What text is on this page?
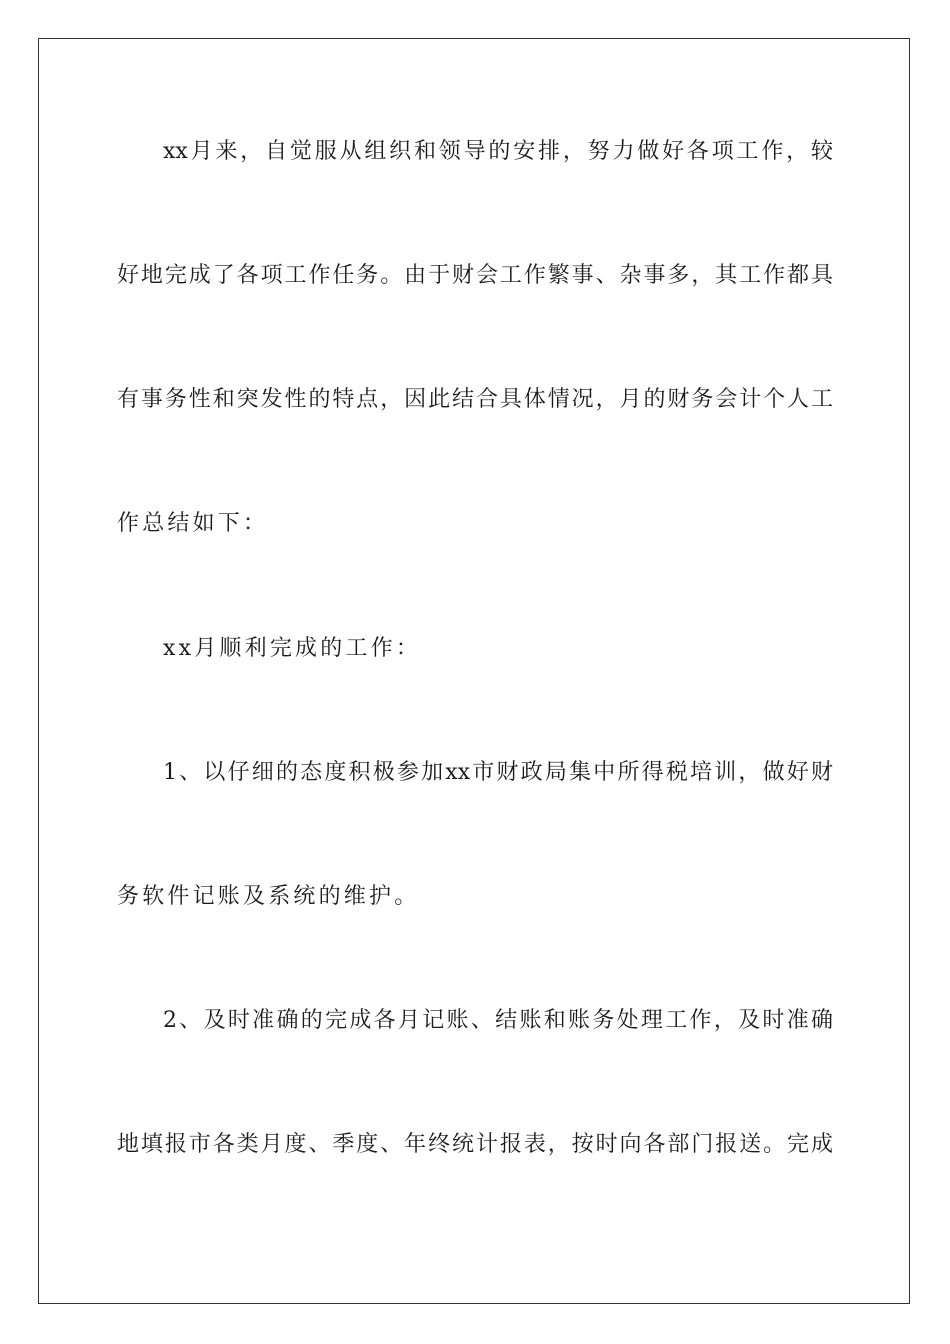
xx月来，自觉服从组织和领导的安排，努力做好各项工作，较
好地完成了各项工作任务。由于财会工作繁事、杂事多，其工作都具
有事务性和突发性的特点，因此结合具体情况，月的财务会计个人工
作总结如下：
xx月顺利完成的工作：
1、以仔细的态度积极参加xx市财政局集中所得税培训，做好财
务软件记账及系统的维护。
2、及时准确的完成各月记账、结账和账务处理工作，及时准确
地填报市各类月度、季度、年终统计报表，按时向各部门报送。完成
